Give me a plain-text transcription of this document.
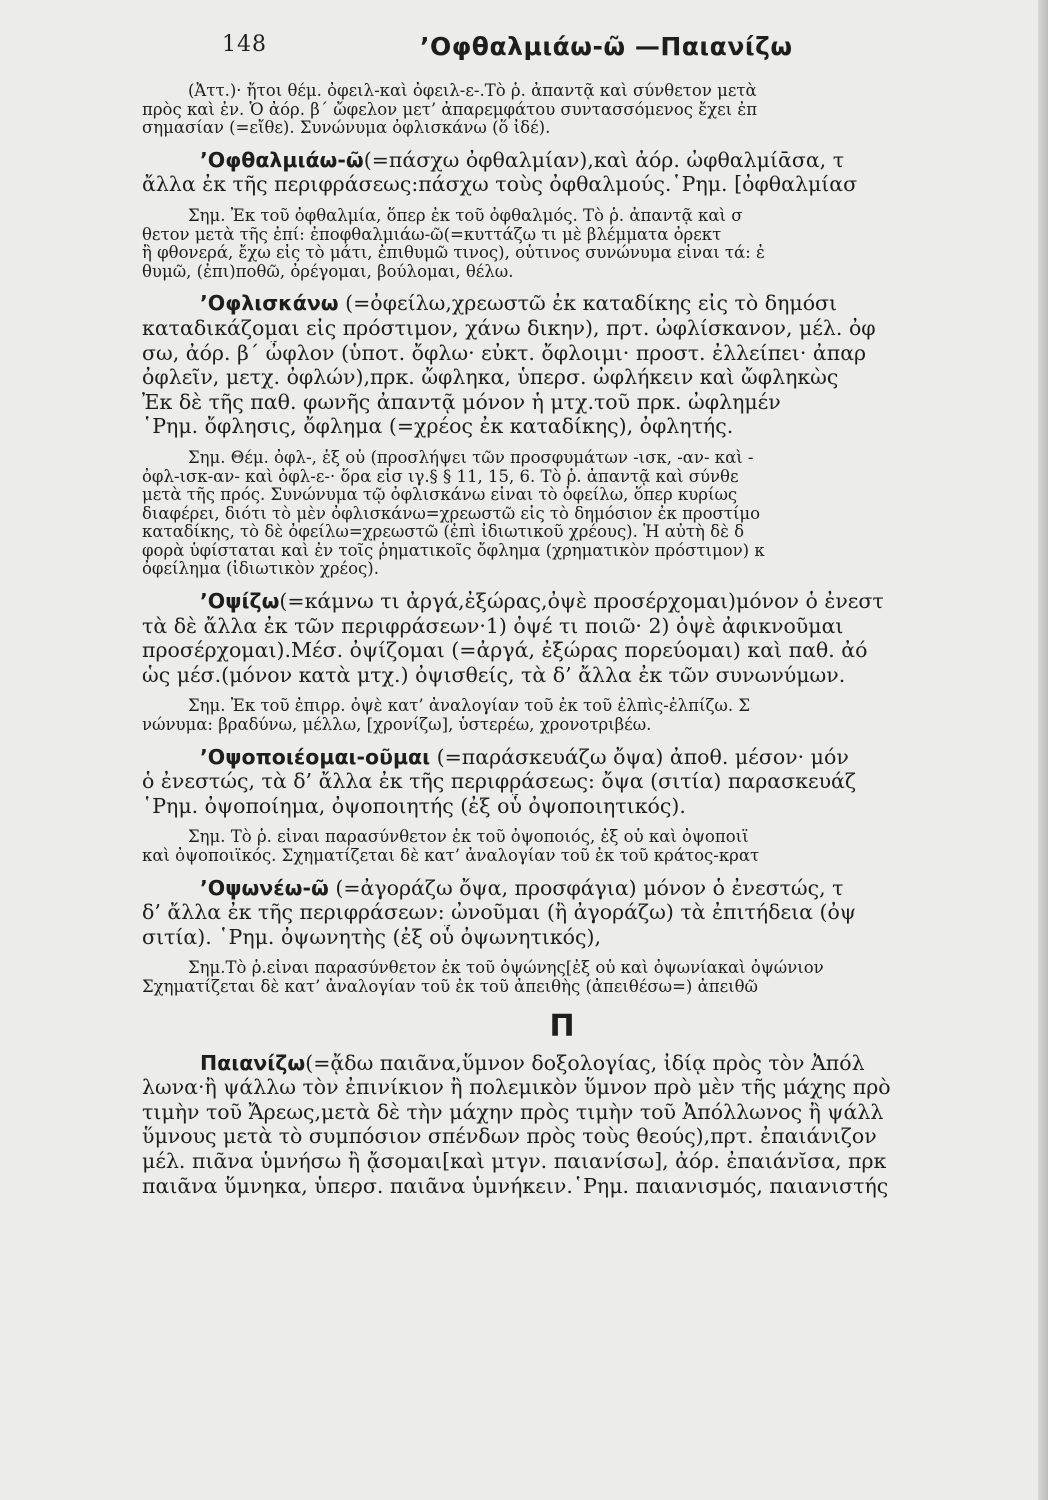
148	’Οφθαλμιάω-ῶ —Παιανίζω
(Ἀττ.)· ἤτοι θέμ. ὀφειλ-καὶ ὀφειλ-ε-.Τὸ ῥ. ἀπαντᾷ καὶ σύνθετον μετὰ
πρὸς καὶ ἐν. Ὁ ἀόρ. β΄ ὤφελον μετ’ ἀπαρεμφάτου συντασσόμενος ἔχει ἐπ
σημασίαν (=εἴθε). Συνώνυμα ὀφλισκάνω (ὅ ἰδέ).
’Οφθαλμιάω-ῶ(=πάσχω ὀφθαλμίαν),καὶ ἀόρ. ὠφθαλμίᾱσα, τ
ἄλλα ἐκ τῆς περιφράσεως:πάσχω τοὺς ὀφθαλμούς.῾Ρημ. [ὀφθαλμίασ
Σημ. Ἐκ τοῦ ὀφθαλμία, ὅπερ ἐκ τοῦ ὀφθαλμός. Τὸ ῥ. ἀπαντᾷ καὶ σ
θετον μετὰ τῆς ἐπί: ἐποφθαλμιάω-ῶ(=κυττάζω τι μὲ βλέμματα ὀρεκτ
ἢ φθονερά, ἔχω εἰς τὸ μάτι, ἐπιθυμῶ τινος), οὗτινος συνώνυμα εἶναι τά: ἐ
θυμῶ, (ἐπι)ποθῶ, ὀρέγομαι, βούλομαι, θέλω.
’Οφλισκάνω (=ὀφείλω,χρεωστῶ ἐκ καταδίκης εἰς τὸ δημόσι
καταδικάζομαι εἰς πρόστιμον, χάνω δικην), πρτ. ὠφλίσκανον, μέλ. ὀφ
σω, ἀόρ. β΄ ὦφλον (ὑποτ. ὄφλω· εὐκτ. ὄφλοιμι· προστ. ἐλλείπει· ἀπαρ
ὀφλεῖν, μετχ. ὀφλών),πρκ. ὤφληκα, ὑπερσ. ὠφλήκειν καὶ ὤφληκὼς
Ἐκ δὲ τῆς παθ. φωνῆς ἀπαντᾷ μόνον ἡ μτχ.τοῦ πρκ. ὠφλημέν
῾Ρημ. ὄφλησις, ὄφλημα (=χρέος ἐκ καταδίκης), ὀφλητής.
Σημ. Θέμ. ὀφλ-, ἐξ οὗ (προσλήψει τῶν προσφυμάτων -ισκ, -αν- καὶ -
ὀφλ-ισκ-αν- καὶ ὀφλ-ε-· ὅρα εἰσ ιγ.§ § 11, 15, 6. Τὸ ῥ. ἀπαντᾷ καὶ σύνθε
μετὰ τῆς πρός. Συνώνυμα τῷ ὀφλισκάνω εἶναι τὸ ὀφείλω, ὅπερ κυρίως
διαφέρει, διότι τὸ μὲν ὀφλισκάνω=χρεωστῶ εἰς τὸ δημόσιον ἐκ προστίμο
καταδίκης, τὸ δὲ ὀφείλω=χρεωστῶ (ἐπὶ ἰδιωτικοῦ χρέους). Ἡ αὐτὴ δὲ δ
φορὰ ὑφίσταται καὶ ἐν τοῖς ῥηματικοῖς ὄφλημα (χρηματικὸν πρόστιμον) κ
ὀφείλημα (ἰδιωτικὸν χρέος).
’Οψίζω(=κάμνω τι ἀργά,ἐξώρας,ὀψὲ προσέρχομαι)μόνον ὁ ἐνεστ
τὰ δὲ ἄλλα ἐκ τῶν περιφράσεων·1) ὀψέ τι ποιῶ· 2) ὀψὲ ἀφικνοῦμαι
προσέρχομαι).Μέσ. ὀψίζομαι (=ἀργά, ἐξώρας πορεύομαι) καὶ παθ. ἀό
ὡς μέσ.(μόνον κατὰ μτχ.) ὀψισθείς, τὰ δ’ ἄλλα ἐκ τῶν συνωνύμων.
Σημ. Ἐκ τοῦ ἐπιρρ. ὀψὲ κατ’ ἀναλογίαν τοῦ ἐκ τοῦ ἐλπὶς-ἐλπίζω. Σ
νώνυμα: βραδύνω, μέλλω, [χρονίζω], ὑστερέω, χρονοτριβέω.
’Οψοποιέομαι-οῦμαι (=παράσκευάζω ὄψα) ἀποθ. μέσον· μόν
ὁ ἐνεστώς, τὰ δ’ ἄλλα ἐκ τῆς περιφράσεως: ὄψα (σιτία) παρασκευάζ
῾Ρημ. ὀψοποίημα, ὀψοποιητής (ἐξ οὗ ὀψοποιητικός).
Σημ. Τὸ ῥ. εἶναι παρασύνθετον ἐκ τοῦ ὀψοποιός, ἐξ οὗ καὶ ὀψοποιΐ
καὶ ὀψοποιϊκός. Σχηματίζεται δὲ κατ’ ἀναλογίαν τοῦ ἐκ τοῦ κράτος-κρατ
’Οψωνέω-ῶ (=ἀγοράζω ὄψα, προσφάγια) μόνον ὁ ἐνεστώς, τ
δ’ ἄλλα ἐκ τῆς περιφράσεων: ὠνοῦμαι (ἢ ἀγοράζω) τὰ ἐπιτήδεια (ὀψ
σιτία). ῾Ρημ. ὀψωνητὴς (ἐξ οὗ ὀψωνητικός),
Σημ.Τὸ ῥ.εἶναι παρασύνθετον ἐκ τοῦ ὀψώνης[ἐξ οὗ καὶ ὀψωνίακαὶ ὀψώνιον
Σχηματίζεται δὲ κατ’ ἀναλογίαν τοῦ ἐκ τοῦ ἀπειθὴς (ἀπειθέσω=) ἀπειθῶ
Π
Παιανίζω(=ᾄδω παιᾶνα,ὕμνον δοξολογίας, ἰδίᾳ πρὸς τὸν Ἀπόλ
λωνα·ἢ ψάλλω τὸν ἐπινίκιον ἢ πολεμικὸν ὕμνον πρὸ μὲν τῆς μάχης πρὸ
τιμὴν τοῦ Ἄρεως,μετὰ δὲ τὴν μάχην πρὸς τιμὴν τοῦ Ἀπόλλωνος ἢ ψάλλ
ὕμνους μετὰ τὸ συμπόσιον σπένδων πρὸς τοὺς θεούς),πρτ. ἐπαιάνιζον
μέλ. πιᾶνα ὑμνήσω ἢ ᾄσομαι[καὶ μτγν. παιανίσω], ἀόρ. ἐπαιάνῐσα, πρκ
παιᾶνα ὕμνηκα, ὑπερσ. παιᾶνα ὑμνήκειν.῾Ρημ. παιανισμός, παιανιστής
